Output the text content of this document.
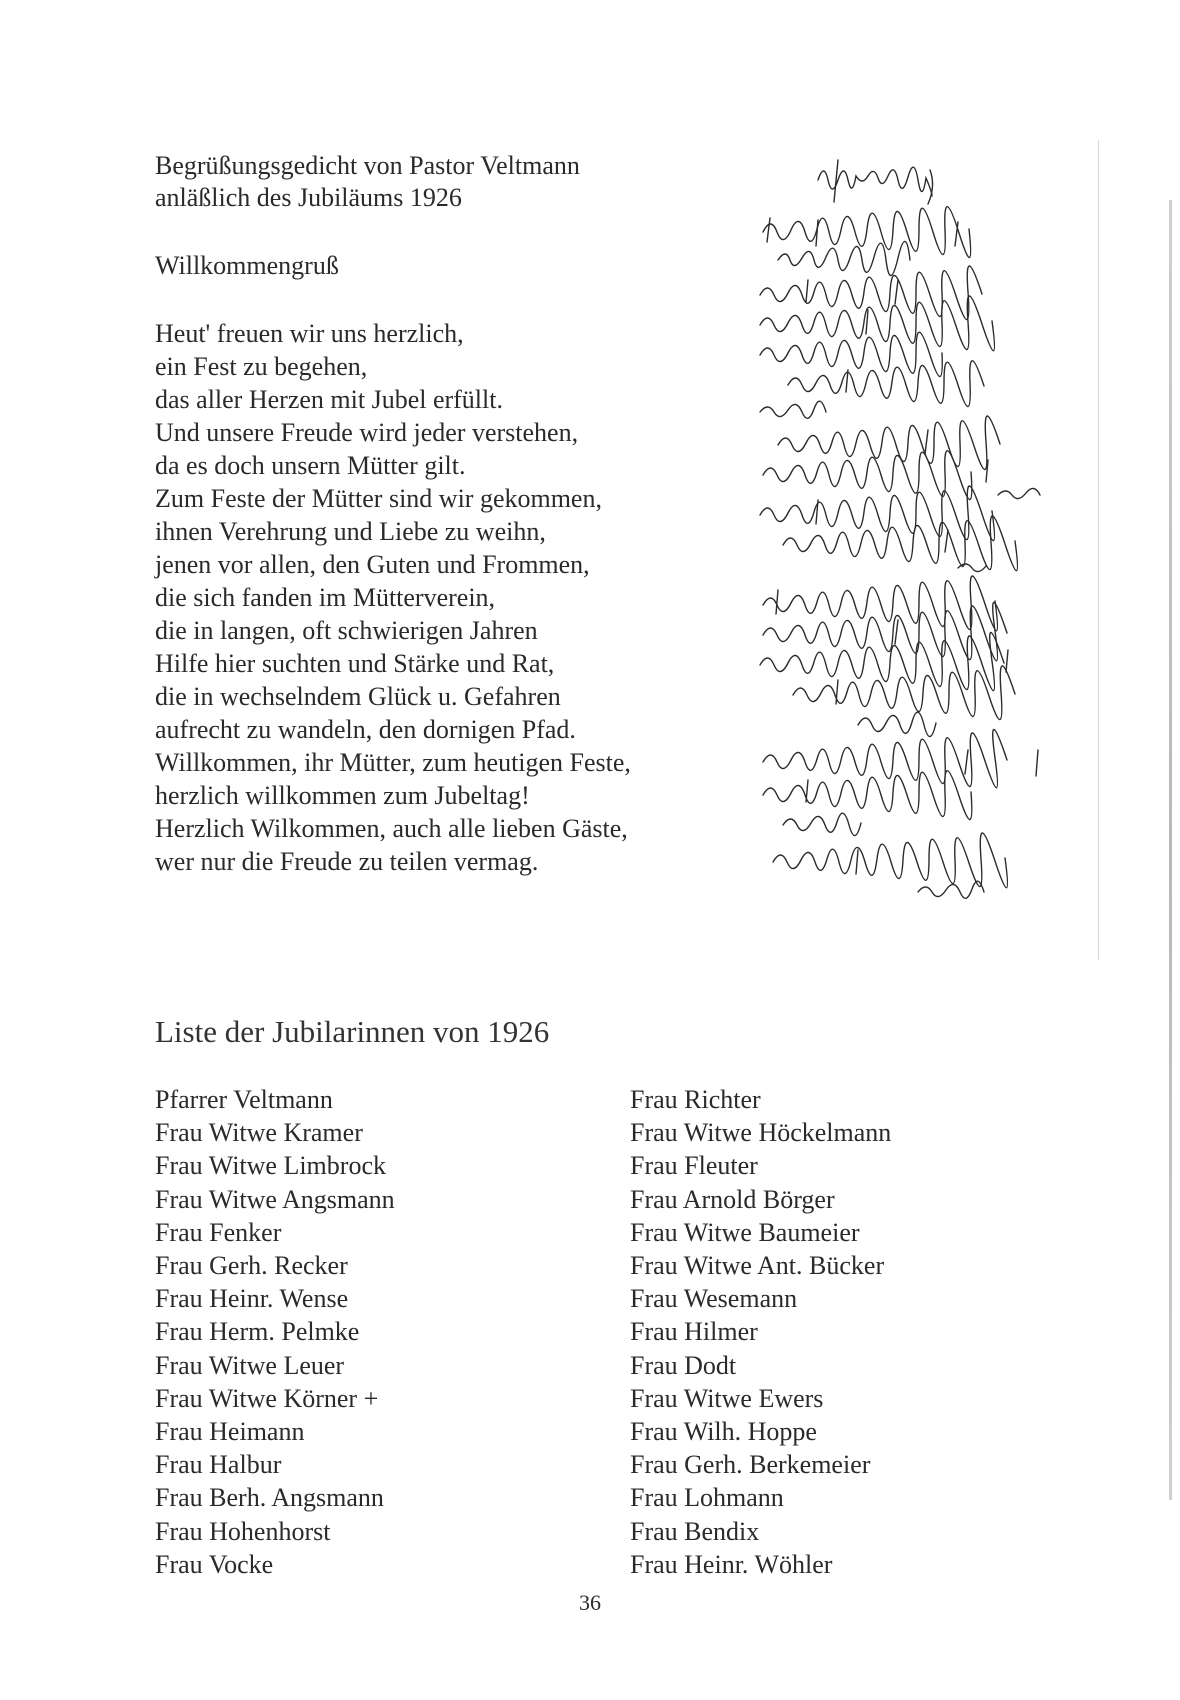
Begrüßungsgedicht von Pastor Veltmann
anläßlich des Jubiläums 1926
Willkommengruß
Heut' freuen wir uns herzlich,
ein Fest zu begehen,
das aller Herzen mit Jubel erfüllt.
Und unsere Freude wird jeder verstehen,
da es doch unsern Mütter gilt.
Zum Feste der Mütter sind wir gekommen,
ihnen Verehrung und Liebe zu weihn,
jenen vor allen, den Guten und Frommen,
die sich fanden im Mütterverein,
die in langen, oft schwierigen Jahren
Hilfe hier suchten und Stärke und Rat,
die in wechselndem Glück u. Gefahren
aufrecht zu wandeln, den dornigen Pfad.
Willkommen, ihr Mütter, zum heutigen Feste,
herzlich willkommen zum Jubeltag!
Herzlich Wilkommen, auch alle lieben Gäste,
wer nur die Freude zu teilen vermag.
Liste der Jubilarinnen von 1926
Pfarrer Veltmann
Frau Witwe Kramer
Frau Witwe Limbrock
Frau Witwe Angsmann
Frau Fenker
Frau Gerh. Recker
Frau Heinr. Wense
Frau Herm. Pelmke
Frau Witwe Leuer
Frau Witwe Körner +
Frau Heimann
Frau Halbur
Frau Berh. Angsmann
Frau Hohenhorst
Frau Vocke
Frau Richter
Frau Witwe Höckelmann
Frau Fleuter
Frau Arnold Börger
Frau Witwe Baumeier
Frau Witwe Ant. Bücker
Frau Wesemann
Frau Hilmer
Frau Dodt
Frau Witwe Ewers
Frau Wilh. Hoppe
Frau Gerh. Berkemeier
Frau Lohmann
Frau Bendix
Frau Heinr. Wöhler
36
